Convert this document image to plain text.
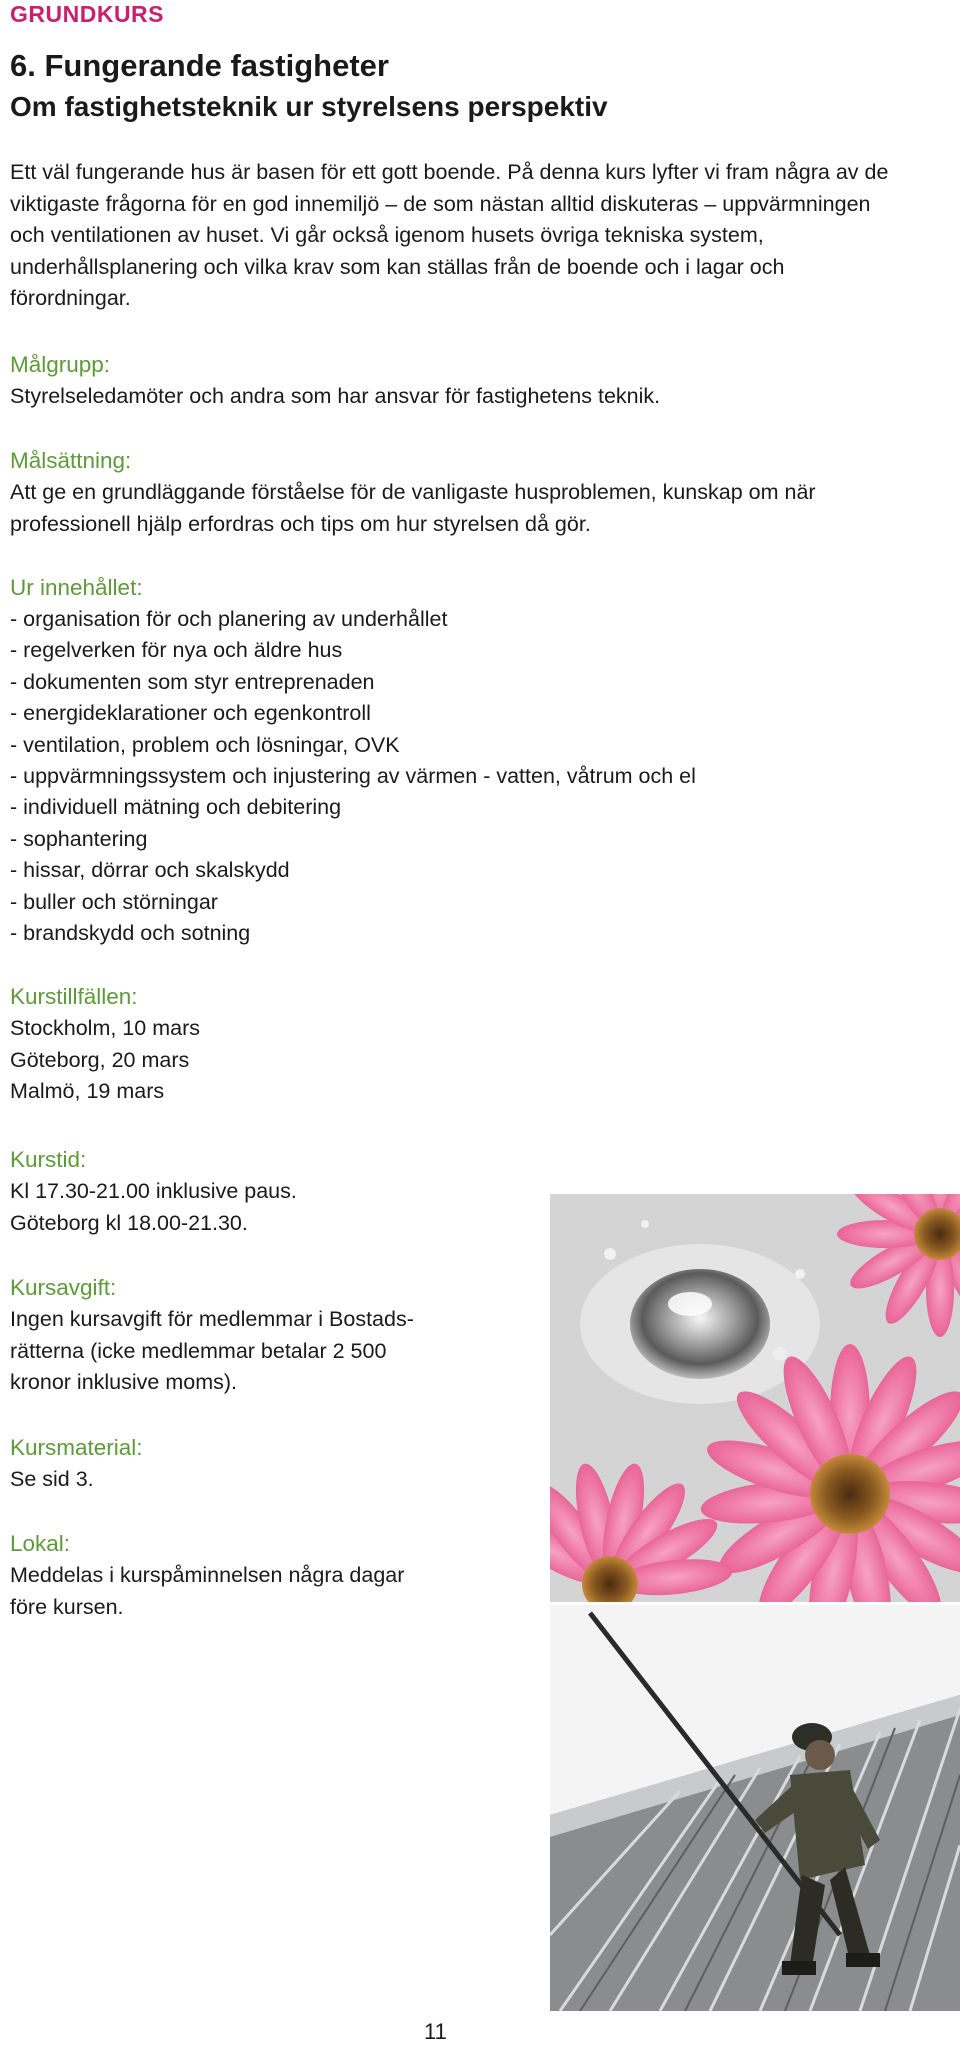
GRUNDKURS
6. Fungerande fastigheter
Om fastighetsteknik ur styrelsens perspektiv

Ett väl fungerande hus är basen för ett gott boende. På denna kurs lyfter vi fram några av de viktigaste frågorna för en god innemiljö – de som nästan alltid diskuteras – uppvärmningen och ventilationen av huset. Vi går också igenom husets övriga tekniska system, underhållsplanering och vilka krav som kan ställas från de boende och i lagar och förordningar.

Målgrupp:

Styrelseledamöter och andra som har ansvar för fastighetens teknik.

Målsättning:

Att ge en grundläggande förståelse för de vanligaste husproblemen, kunskap om när professionell hjälp erfordras och tips om hur styrelsen då gör.

Ur innehållet:

- organisation för och planering av underhållet
- regelverken för nya och äldre hus
- dokumenten som styr entreprenaden
- energideklarationer och egenkontroll
- ventilation, problem och lösningar, OVK
- uppvärmningssystem och injustering av värmen - vatten, våtrum och el
- individuell mätning och debitering
- sophantering
- hissar, dörrar och skalskydd
- buller och störningar
- brandskydd och sotning

Kurstillfällen:

Stockholm, 10 mars

Göteborg, 20 mars

Malmö, 19 mars

Kurstid:

Kl 17.30-21.00 inklusive paus.

Göteborg kl 18.00-21.30.

Kursavgift:

Ingen kursavgift för medlemmar i Bostads-

rätterna (icke medlemmar betalar 2 500

kronor inklusive moms).

Kursmaterial:

Se sid 3.

Lokal:

Meddelas i kurspåminnelsen några dagar

före kursen.

11
